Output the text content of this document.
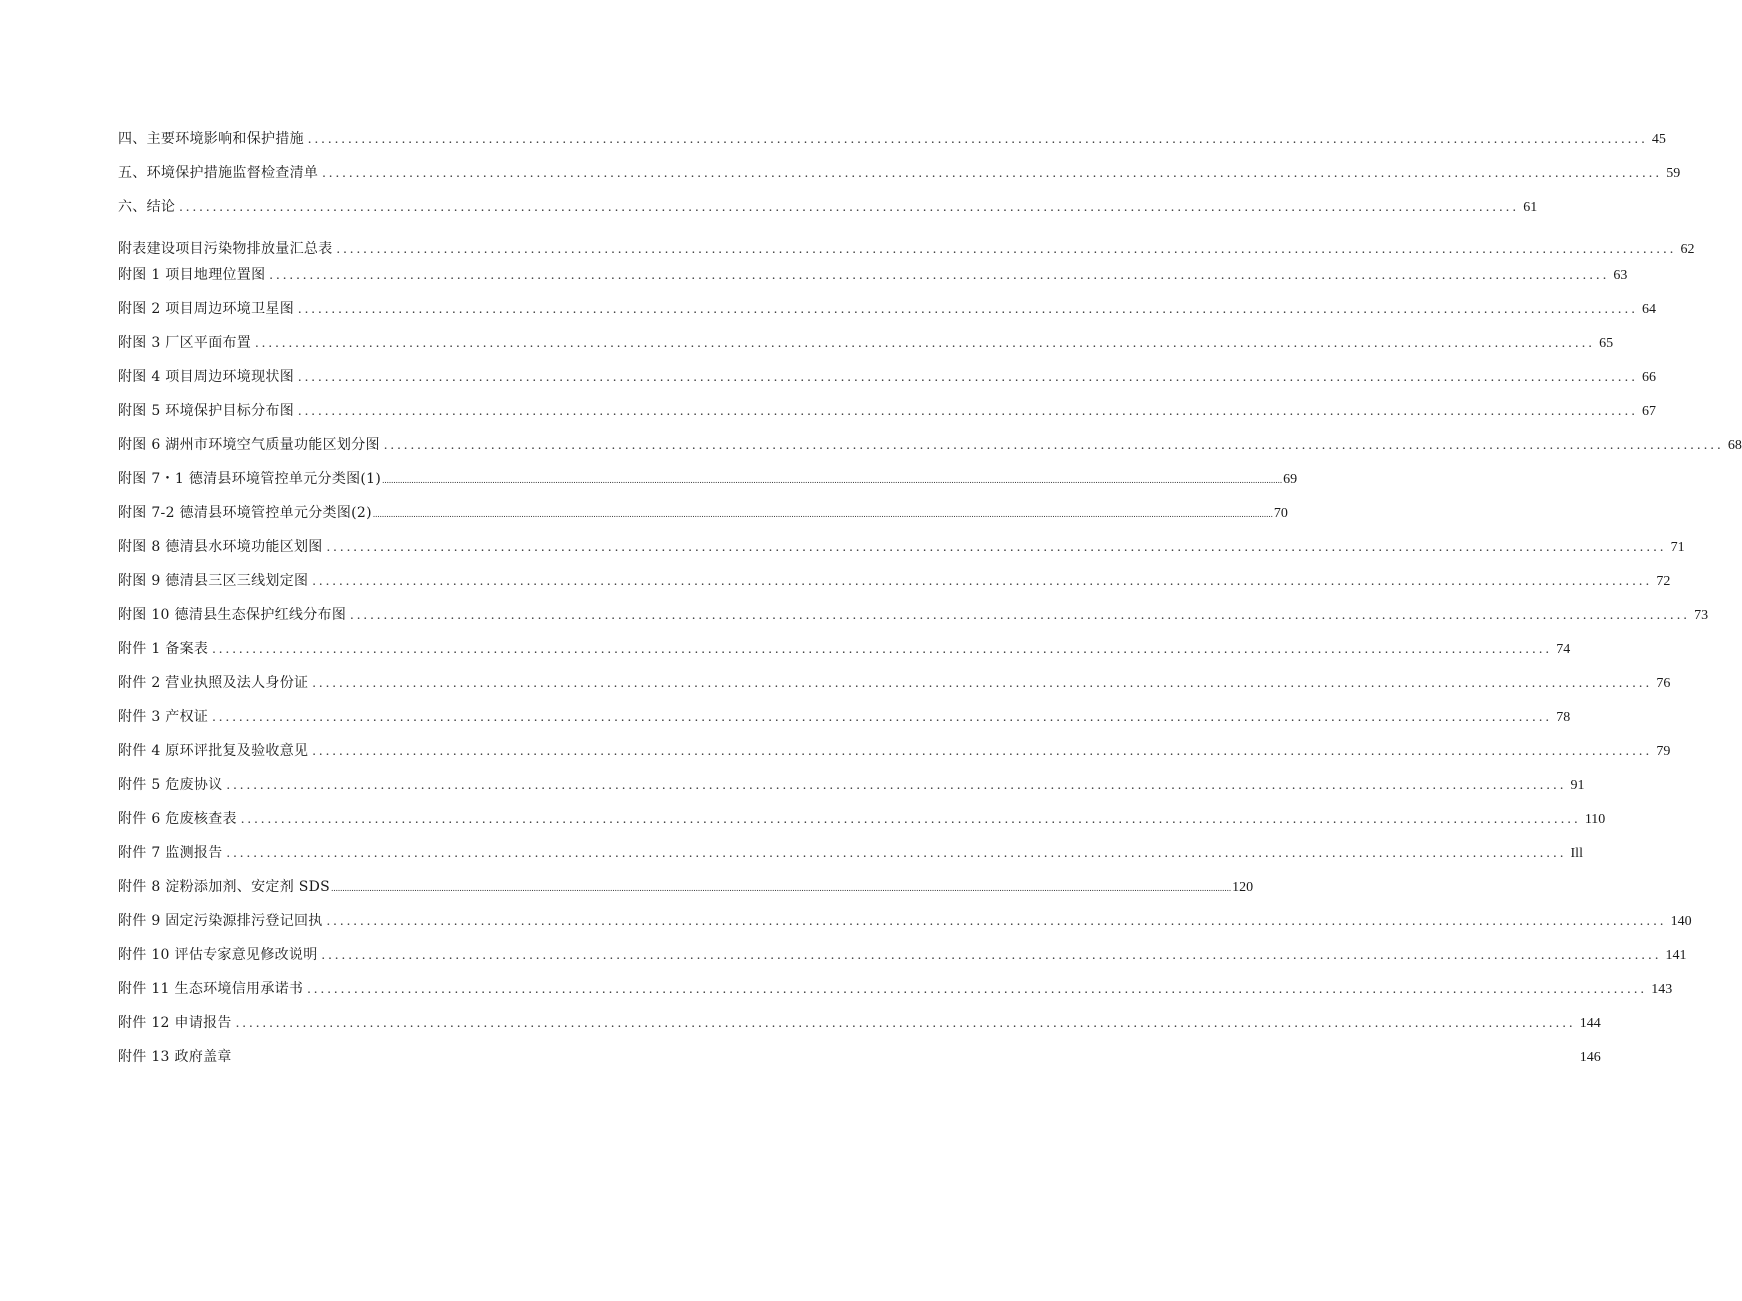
四、主要环境影响和保护措施 ........................................................................................................................................................................................................ 45
五、环境保护措施监督检查清单 ........................................................................................................................................................................................................ 59
六、结论 ........................................................................................................................................................................................................ 61
附表建设项目污染物排放量汇总表 ........................................................................................................................................................................................................ 62
附图 1 项目地理位置图 ........................................................................................................................................................................................................ 63
附图 2 项目周边环境卫星图 ........................................................................................................................................................................................................ 64
附图 3 厂区平面布置 ........................................................................................................................................................................................................ 65
附图 4 项目周边环境现状图 ........................................................................................................................................................................................................ 66
附图 5 环境保护目标分布图 ........................................................................................................................................................................................................ 67
附图 6 湖州市环境空气质量功能区划分图 ........................................................................................................................................................................................................ 68
附图 7・1 德清县环境管控单元分类图(1) ................................................................................................................................................................................................................................................................................................................................................................................................................ 69
附图 7-2 德清县环境管控单元分类图(2) ................................................................................................................................................................................................................................................................................................................................................................................................................ 70
附图 8 德清县水环境功能区划图 ........................................................................................................................................................................................................ 71
附图 9 德清县三区三线划定图 ........................................................................................................................................................................................................ 72
附图 10 德清县生态保护红线分布图 ........................................................................................................................................................................................................ 73
附件 1 备案表 ........................................................................................................................................................................................................ 74
附件 2 营业执照及法人身份证 ........................................................................................................................................................................................................ 76
附件 3 产权证 ........................................................................................................................................................................................................ 78
附件 4 原环评批复及验收意见 ........................................................................................................................................................................................................ 79
附件 5 危废协议 ........................................................................................................................................................................................................ 91
附件 6 危废核查表 ........................................................................................................................................................................................................ 110
附件 7 监测报告 ........................................................................................................................................................................................................ Ill
附件 8 淀粉添加剂、安定剂 SDS ................................................................................................................................................................................................................................................................................................................................................................................................................ 120
附件 9 固定污染源排污登记回执 ........................................................................................................................................................................................................ 140
附件 10 评估专家意见修改说明 ........................................................................................................................................................................................................ 141
附件 11 生态环境信用承诺书 ........................................................................................................................................................................................................ 143
附件 12 申请报告 ........................................................................................................................................................................................................ 144
附件 13 政府盖章	146
